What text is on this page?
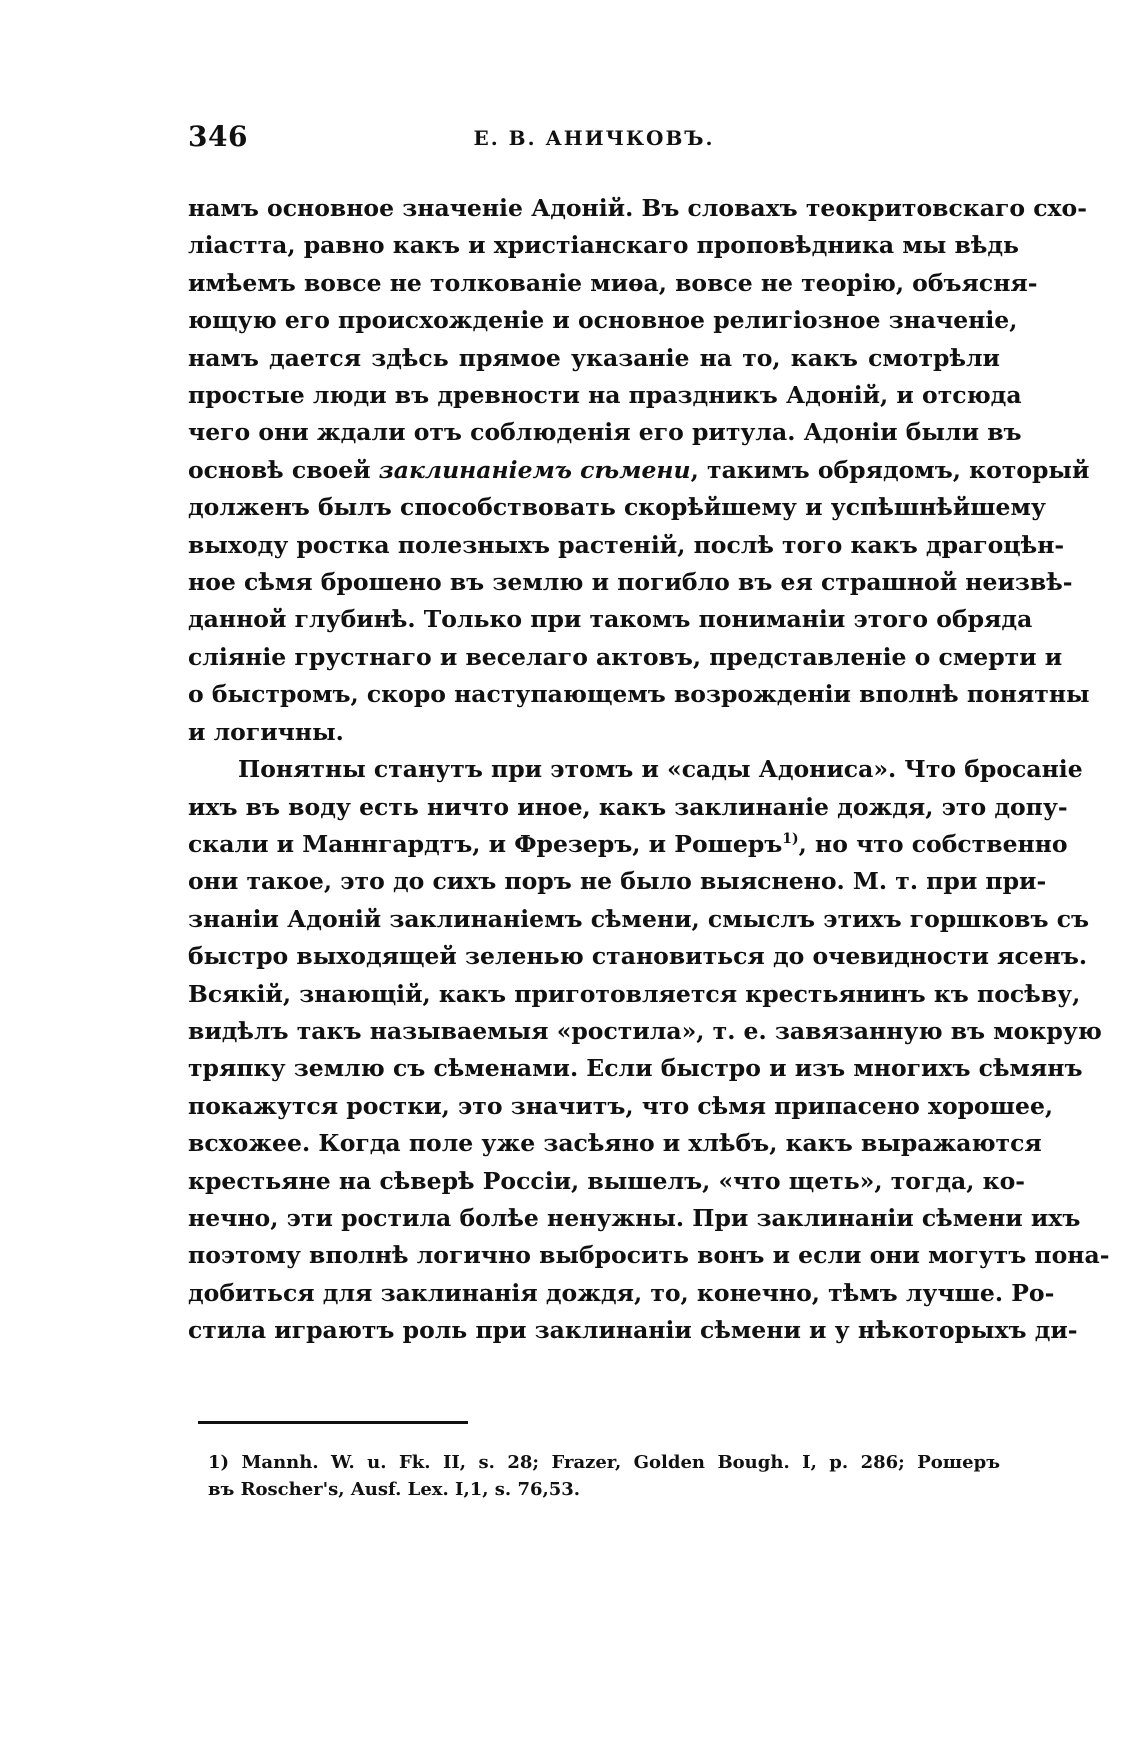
346	Е. В. АНИЧКОВЪ.
намъ основное значеніе Адоній. Въ словахъ теокритовскаго схо-
ліастта, равно какъ и христіанскаго проповѣдника мы вѣдь
имѣемъ вовсе не толкованіе миѳа, вовсе не теорію, объясня-
ющую его происхожденіе и основное религіозное значеніе,
намъ дается здѣсь прямое указаніе на то, какъ смотрѣли
простые люди въ древности на праздникъ Адоній, и отсюда
чего они ждали отъ соблюденія его ритула. Адоніи были въ
основѣ своей заклинаніемъ сѣмени, такимъ обрядомъ, который
долженъ былъ способствовать скорѣйшему и успѣшнѣйшему
выходу ростка полезныхъ растеній, послѣ того какъ драгоцѣн-
ное сѣмя брошено въ землю и погибло въ ея страшной неизвѣ-
данной глубинѣ. Только при такомъ пониманіи этого обряда
сліяніе грустнаго и веселаго актовъ, представленіе о смерти и
о быстромъ, скоро наступающемъ возрожденіи вполнѣ понятны
и логичны.
Понятны станутъ при этомъ и «сады Адониса». Что бросаніе
ихъ въ воду есть ничто иное, какъ заклинаніе дождя, это допу-
скали и Маннгардтъ, и Фрезеръ, и Рошеръ$^{1)}$, но что собственно
они такое, это до сихъ поръ не было выяснено. М. т. при при-
знаніи Адоній заклинаніемъ сѣмени, смыслъ этихъ горшковъ съ
быстро выходящей зеленью становиться до очевидности ясенъ.
Всякій, знающій, какъ приготовляется крестьянинъ къ посѣву,
видѣлъ такъ называемыя «ростила», т. е. завязанную въ мокрую
тряпку землю съ сѣменами. Если быстро и изъ многихъ сѣмянъ
покажутся ростки, это значитъ, что сѣмя припасено хорошее,
всхожее. Когда поле уже засѣяно и хлѣбъ, какъ выражаются
крестьяне на сѣверѣ Россіи, вышелъ, «что щеть», тогда, ко-
нечно, эти ростила болѣе ненужны. При заклинаніи сѣмени ихъ
поэтому вполнѣ логично выбросить вонъ и если они могутъ пона-
добиться для заклинанія дождя, то, конечно, тѣмъ лучше. Ро-
стила играютъ роль при заклинаніи сѣмени и у нѣкоторыхъ ди-
1) Mannh. W. u. Fk. II, s. 28; Frazer, Golden Bough. I, p. 286; Рошеръ
въ Roscher's, Ausf. Lex. I,1, s. 76,53.
